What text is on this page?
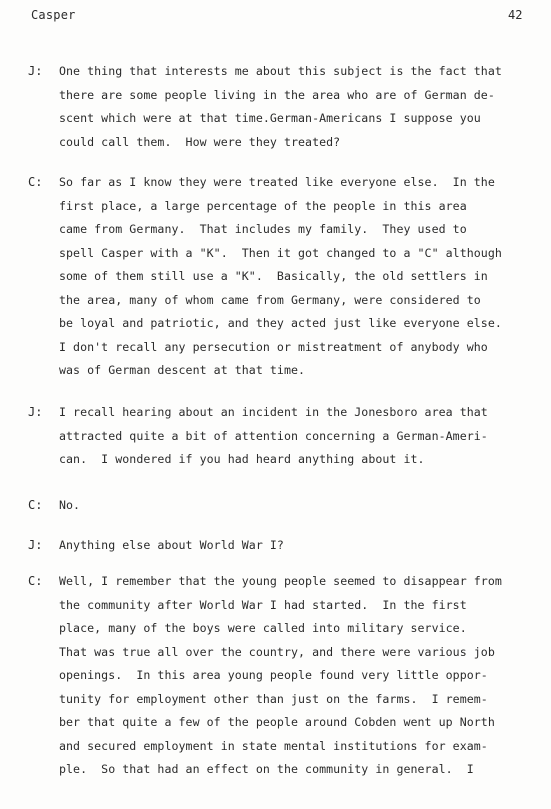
Casper	42
J: One thing that interests me about this subject is the fact that
there are some people living in the area who are of German de-
scent which were at that time.German-Americans I suppose you
could call them.  How were they treated?
C: So far as I know they were treated like everyone else.  In the
first place, a large percentage of the people in this area
came from Germany.  That includes my family.  They used to
spell Casper with a "K".  Then it got changed to a "C" although
some of them still use a "K".  Basically, the old settlers in
the area, many of whom came from Germany, were considered to
be loyal and patriotic, and they acted just like everyone else.
I don't recall any persecution or mistreatment of anybody who
was of German descent at that time.
J: I recall hearing about an incident in the Jonesboro area that
attracted quite a bit of attention concerning a German-Ameri-
can.  I wondered if you had heard anything about it.
C: No.
J: Anything else about World War I?
C: Well, I remember that the young people seemed to disappear from
the community after World War I had started.  In the first
place, many of the boys were called into military service.
That was true all over the country, and there were various job
openings.  In this area young people found very little oppor-
tunity for employment other than just on the farms.  I remem-
ber that quite a few of the people around Cobden went up North
and secured employment in state mental institutions for exam-
ple.  So that had an effect on the community in general.  I
